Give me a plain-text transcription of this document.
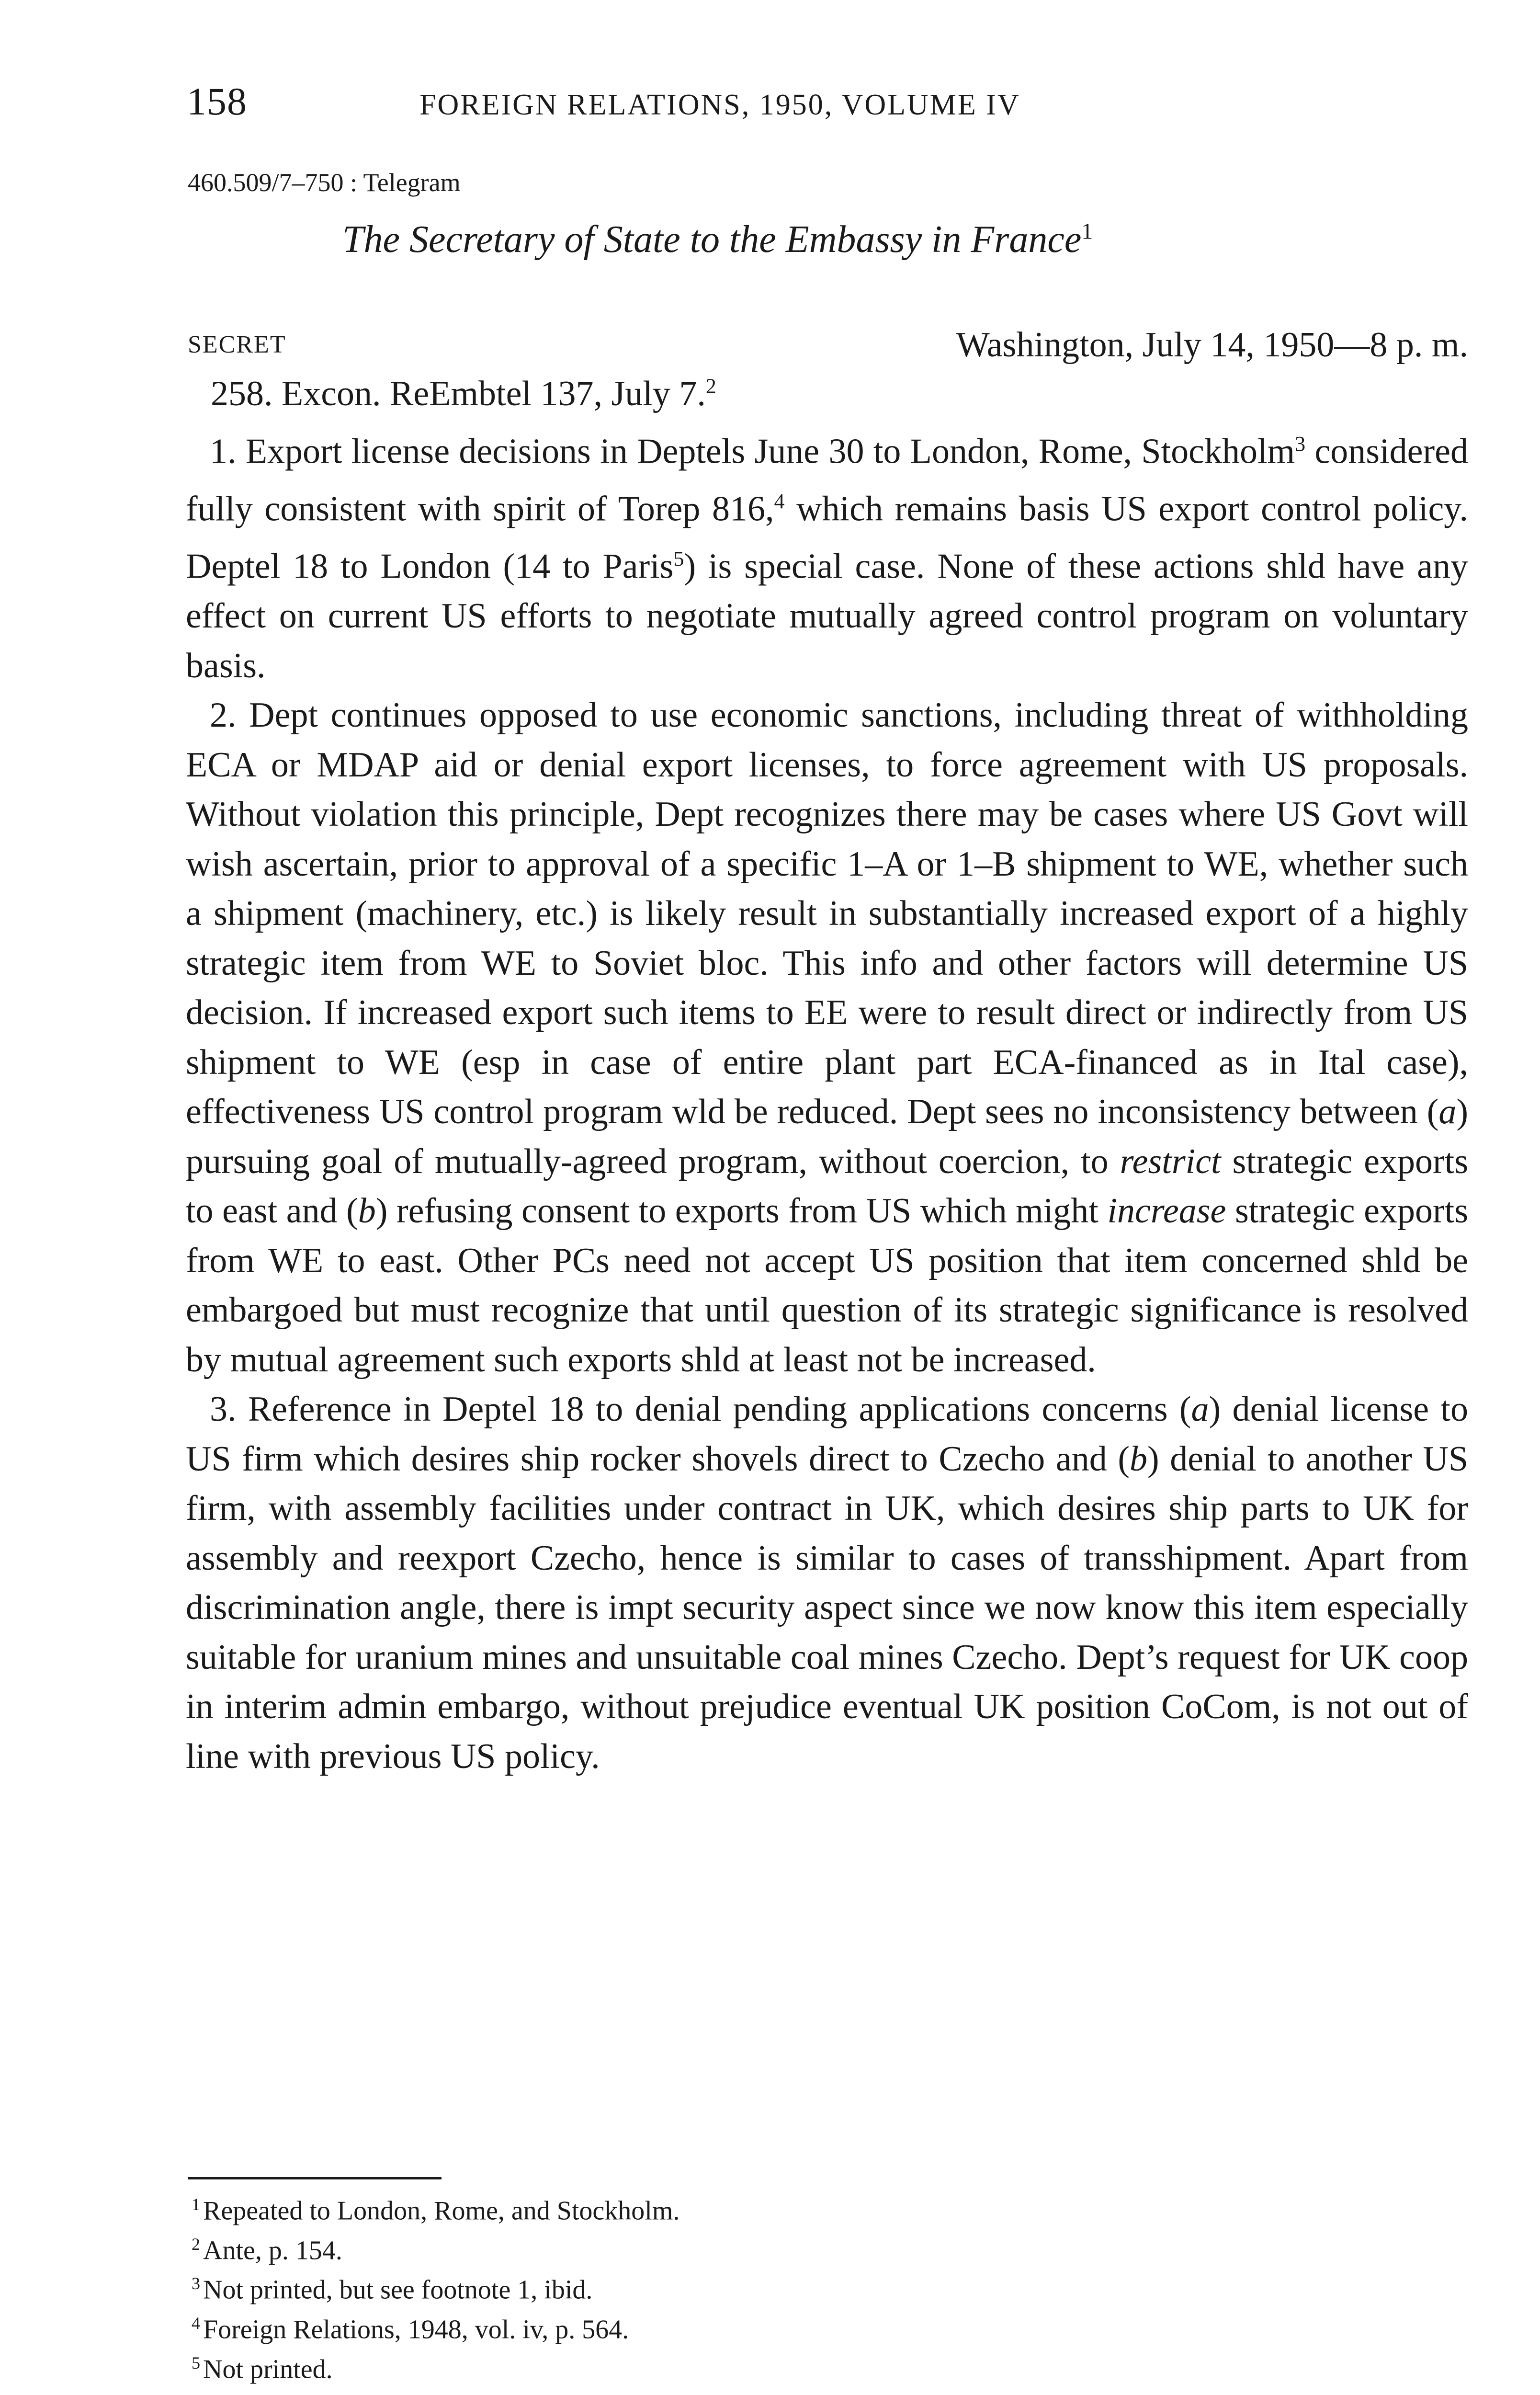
158	FOREIGN RELATIONS, 1950, VOLUME IV
460.509/7–750 : Telegram
The Secretary of State to the Embassy in France$^1$
SECRET	Washington, July 14, 1950—8 p. m.
258. Excon. ReEmbtel 137, July 7.$^2$

1. Export license decisions in Deptels June 30 to London, Rome, Stockholm$^3$ considered fully consistent with spirit of Torep 816,$^4$ which remains basis US export control policy. Deptel 18 to London (14 to Paris$^5$) is special case. None of these actions shld have any effect on current US efforts to negotiate mutually agreed control program on voluntary basis.

2. Dept continues opposed to use economic sanctions, including threat of withholding ECA or MDAP aid or denial export licenses, to force agreement with US proposals. Without violation this principle, Dept recognizes there may be cases where US Govt will wish ascertain, prior to approval of a specific 1–A or 1–B shipment to WE, whether such a shipment (machinery, etc.) is likely result in substantially increased export of a highly strategic item from WE to Soviet bloc. This info and other factors will determine US decision. If increased export such items to EE were to result direct or indirectly from US shipment to WE (esp in case of entire plant part ECA-financed as in Ital case), effectiveness US control program wld be reduced. Dept sees no inconsistency between (a) pursuing goal of mutually-agreed program, without coercion, to restrict strategic exports to east and (b) refusing consent to exports from US which might increase strategic exports from WE to east. Other PCs need not accept US position that item concerned shld be embargoed but must recognize that until question of its strategic significance is resolved by mutual agreement such exports shld at least not be increased.

3. Reference in Deptel 18 to denial pending applications concerns (a) denial license to US firm which desires ship rocker shovels direct to Czecho and (b) denial to another US firm, with assembly facilities under contract in UK, which desires ship parts to UK for assembly and reexport Czecho, hence is similar to cases of transshipment. Apart from discrimination angle, there is impt security aspect since we now know this item especially suitable for uranium mines and unsuitable coal mines Czecho. Dept’s request for UK coop in interim admin embargo, without prejudice eventual UK position CoCom, is not out of line with previous US policy.

$^1$ Repeated to London, Rome, and Stockholm.
$^2$ Ante, p. 154.
$^3$ Not printed, but see footnote 1, ibid.
$^4$ Foreign Relations, 1948, vol. iv, p. 564.
$^5$ Not printed.
